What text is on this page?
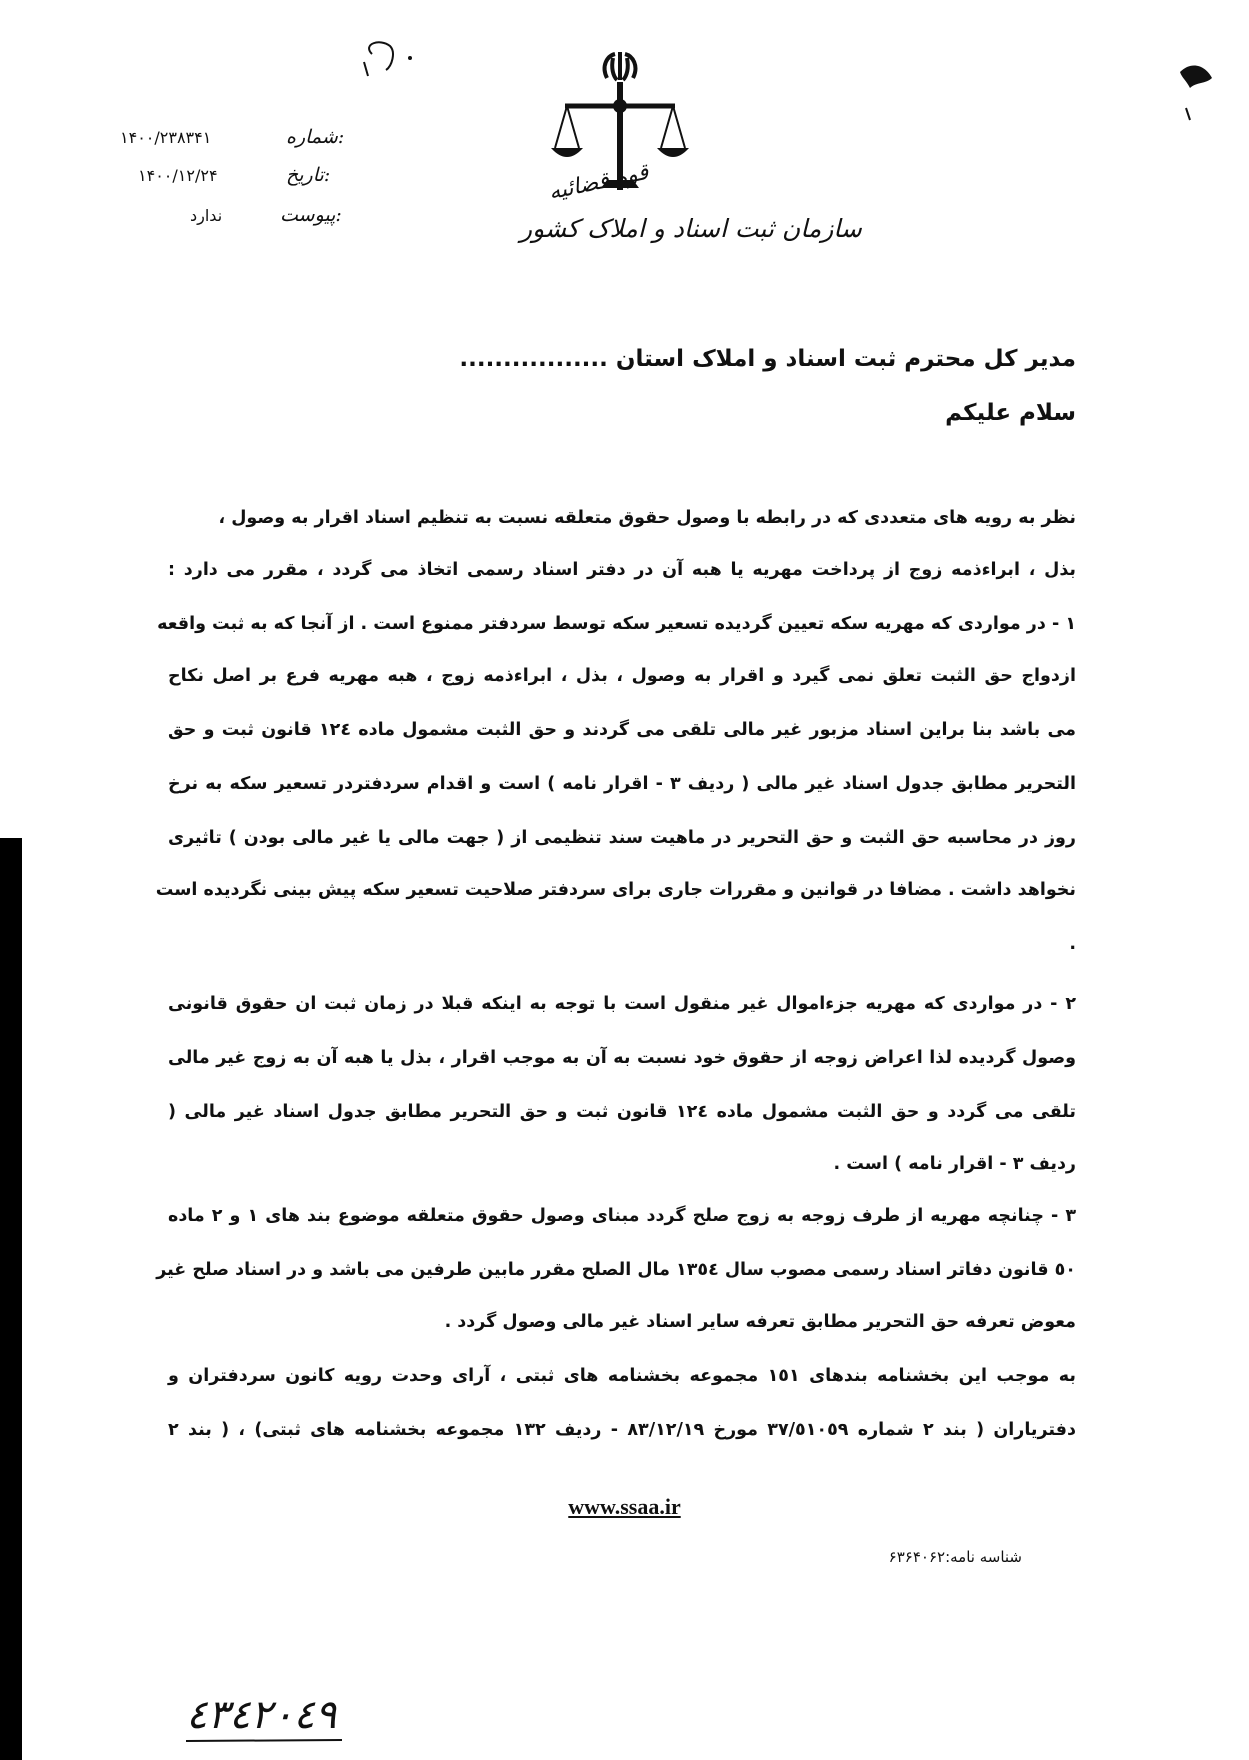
۱۴۰۰/۲۳۸۳۴۱	شماره:
۱۴۰۰/۱۲/۲۴	تاریخ:
ندارد	پیوست:
قوه قضائیه
سازمان ثبت اسناد و املاک کشور
مدیر کل محترم ثبت اسناد و املاک استان .................
سلام علیکم
نظر به رویه های متعددی که در رابطه با وصول حقوق متعلقه نسبت به تنظیم اسناد اقرار به وصول ،
بذل ، ابراءذمه زوج از پرداخت مهریه یا هبه آن در دفتر اسناد رسمی اتخاذ می گردد ، مقرر می دارد :
۱ - در مواردی که مهریه سکه تعیین گردیده تسعیر سکه توسط سردفتر ممنوع است . از آنجا که به ثبت واقعه
ازدواج حق الثبت تعلق نمی گیرد و اقرار به وصول ، بذل ، ابراءذمه زوج ، هبه مهریه فرع بر اصل نکاح
می باشد بنا براین اسناد مزبور غیر مالی تلقی می گردند و حق الثبت مشمول ماده ١٢٤ قانون ثبت و حق
التحریر مطابق جدول اسناد غیر مالی ( ردیف ٣ - اقرار نامه ) است و اقدام سردفتردر تسعیر سکه به نرخ
روز در محاسبه حق الثبت و حق التحریر در ماهیت سند تنظیمی از ( جهت مالی یا غیر مالی بودن ) تاثیری
نخواهد داشت . مضافا در قوانین و مقررات جاری برای سردفتر صلاحیت تسعیر سکه پیش بینی نگردیده است
.
٢ - در مواردی که مهریه جزءاموال غیر منقول است با توجه به اینکه قبلا در زمان ثبت ان حقوق قانونی
وصول گردیده لذا اعراض زوجه از حقوق خود نسبت به آن به موجب اقرار ، بذل یا هبه آن به زوج غیر مالی
تلقی می گردد و حق الثبت مشمول ماده ١٢٤ قانون ثبت و حق التحریر مطابق جدول اسناد غیر مالی (
ردیف ٣ - اقرار نامه ) است .
٣ - چنانچه مهریه از طرف زوجه به زوج صلح گردد مبنای وصول حقوق متعلقه موضوع بند های ١ و ٢ ماده
٥٠ قانون دفاتر اسناد رسمی مصوب سال ١٣٥٤ مال الصلح مقرر مابین طرفین می باشد و در اسناد صلح غیر
معوض تعرفه حق التحریر مطابق تعرفه سایر اسناد غیر مالی وصول گردد .
به موجب این بخشنامه بندهای ١٥١ مجموعه بخشنامه های ثبتی ، آرای وحدت رویه کانون سردفتران و
دفتریاران ( بند ٢ شماره ٣٧/٥١٠٥٩ مورخ ٨٣/١٢/١٩ - ردیف ١٣٢ مجموعه بخشنامه های ثبتی) ، ( بند ٢
www.ssaa.ir
شناسه نامه:۶۳۶۴۰۶۲
٤٣٤٢٠٤٩
